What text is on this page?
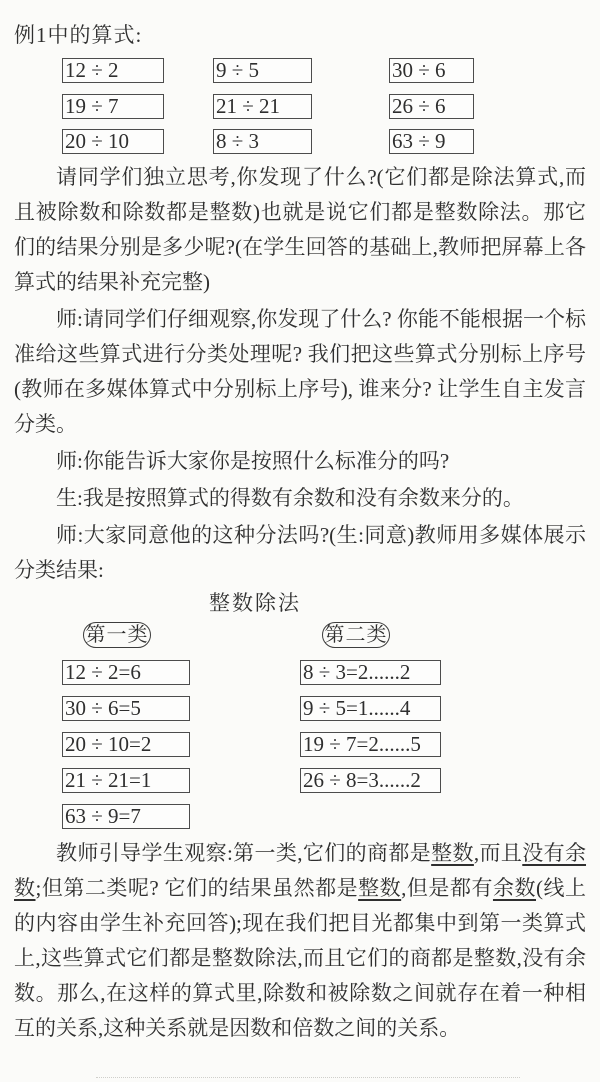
例1中的算式:
12 ÷ 2	9 ÷ 5	30 ÷ 6
19 ÷ 7	21 ÷ 21	26 ÷ 6
20 ÷ 10	8 ÷ 3	63 ÷ 9

请同学们独立思考,你发现了什么?(它们都是除法算式,而且被除数和除数都是整数)也就是说它们都是整数除法。那它们的结果分别是多少呢?(在学生回答的基础上,教师把屏幕上各算式的结果补充完整)

师:请同学们仔细观察,你发现了什么? 你能不能根据一个标准给这些算式进行分类处理呢? 我们把这些算式分别标上序号(教师在多媒体算式中分别标上序号), 谁来分? 让学生自主发言分类。

师:你能告诉大家你是按照什么标准分的吗?

生:我是按照算式的得数有余数和没有余数来分的。

师:大家同意他的这种分法吗?(生:同意)教师用多媒体展示分类结果:

整数除法
第一类	第二类
12 ÷ 2=6
30 ÷ 6=5
20 ÷ 10=2
21 ÷ 21=1
63 ÷ 9=7
8 ÷ 3=2......2
9 ÷ 5=1......4
19 ÷ 7=2......5
26 ÷ 8=3......2
教师引导学生观察:第一类,它们的商都是整数,而且没有余数;但第二类呢? 它们的结果虽然都是整数,但是都有余数(线上的内容由学生补充回答);现在我们把目光都集中到第一类算式上,这些算式它们都是整数除法,而且它们的商都是整数,没有余数。那么,在这样的算式里,除数和被除数之间就存在着一种相互的关系,这种关系就是因数和倍数之间的关系。
